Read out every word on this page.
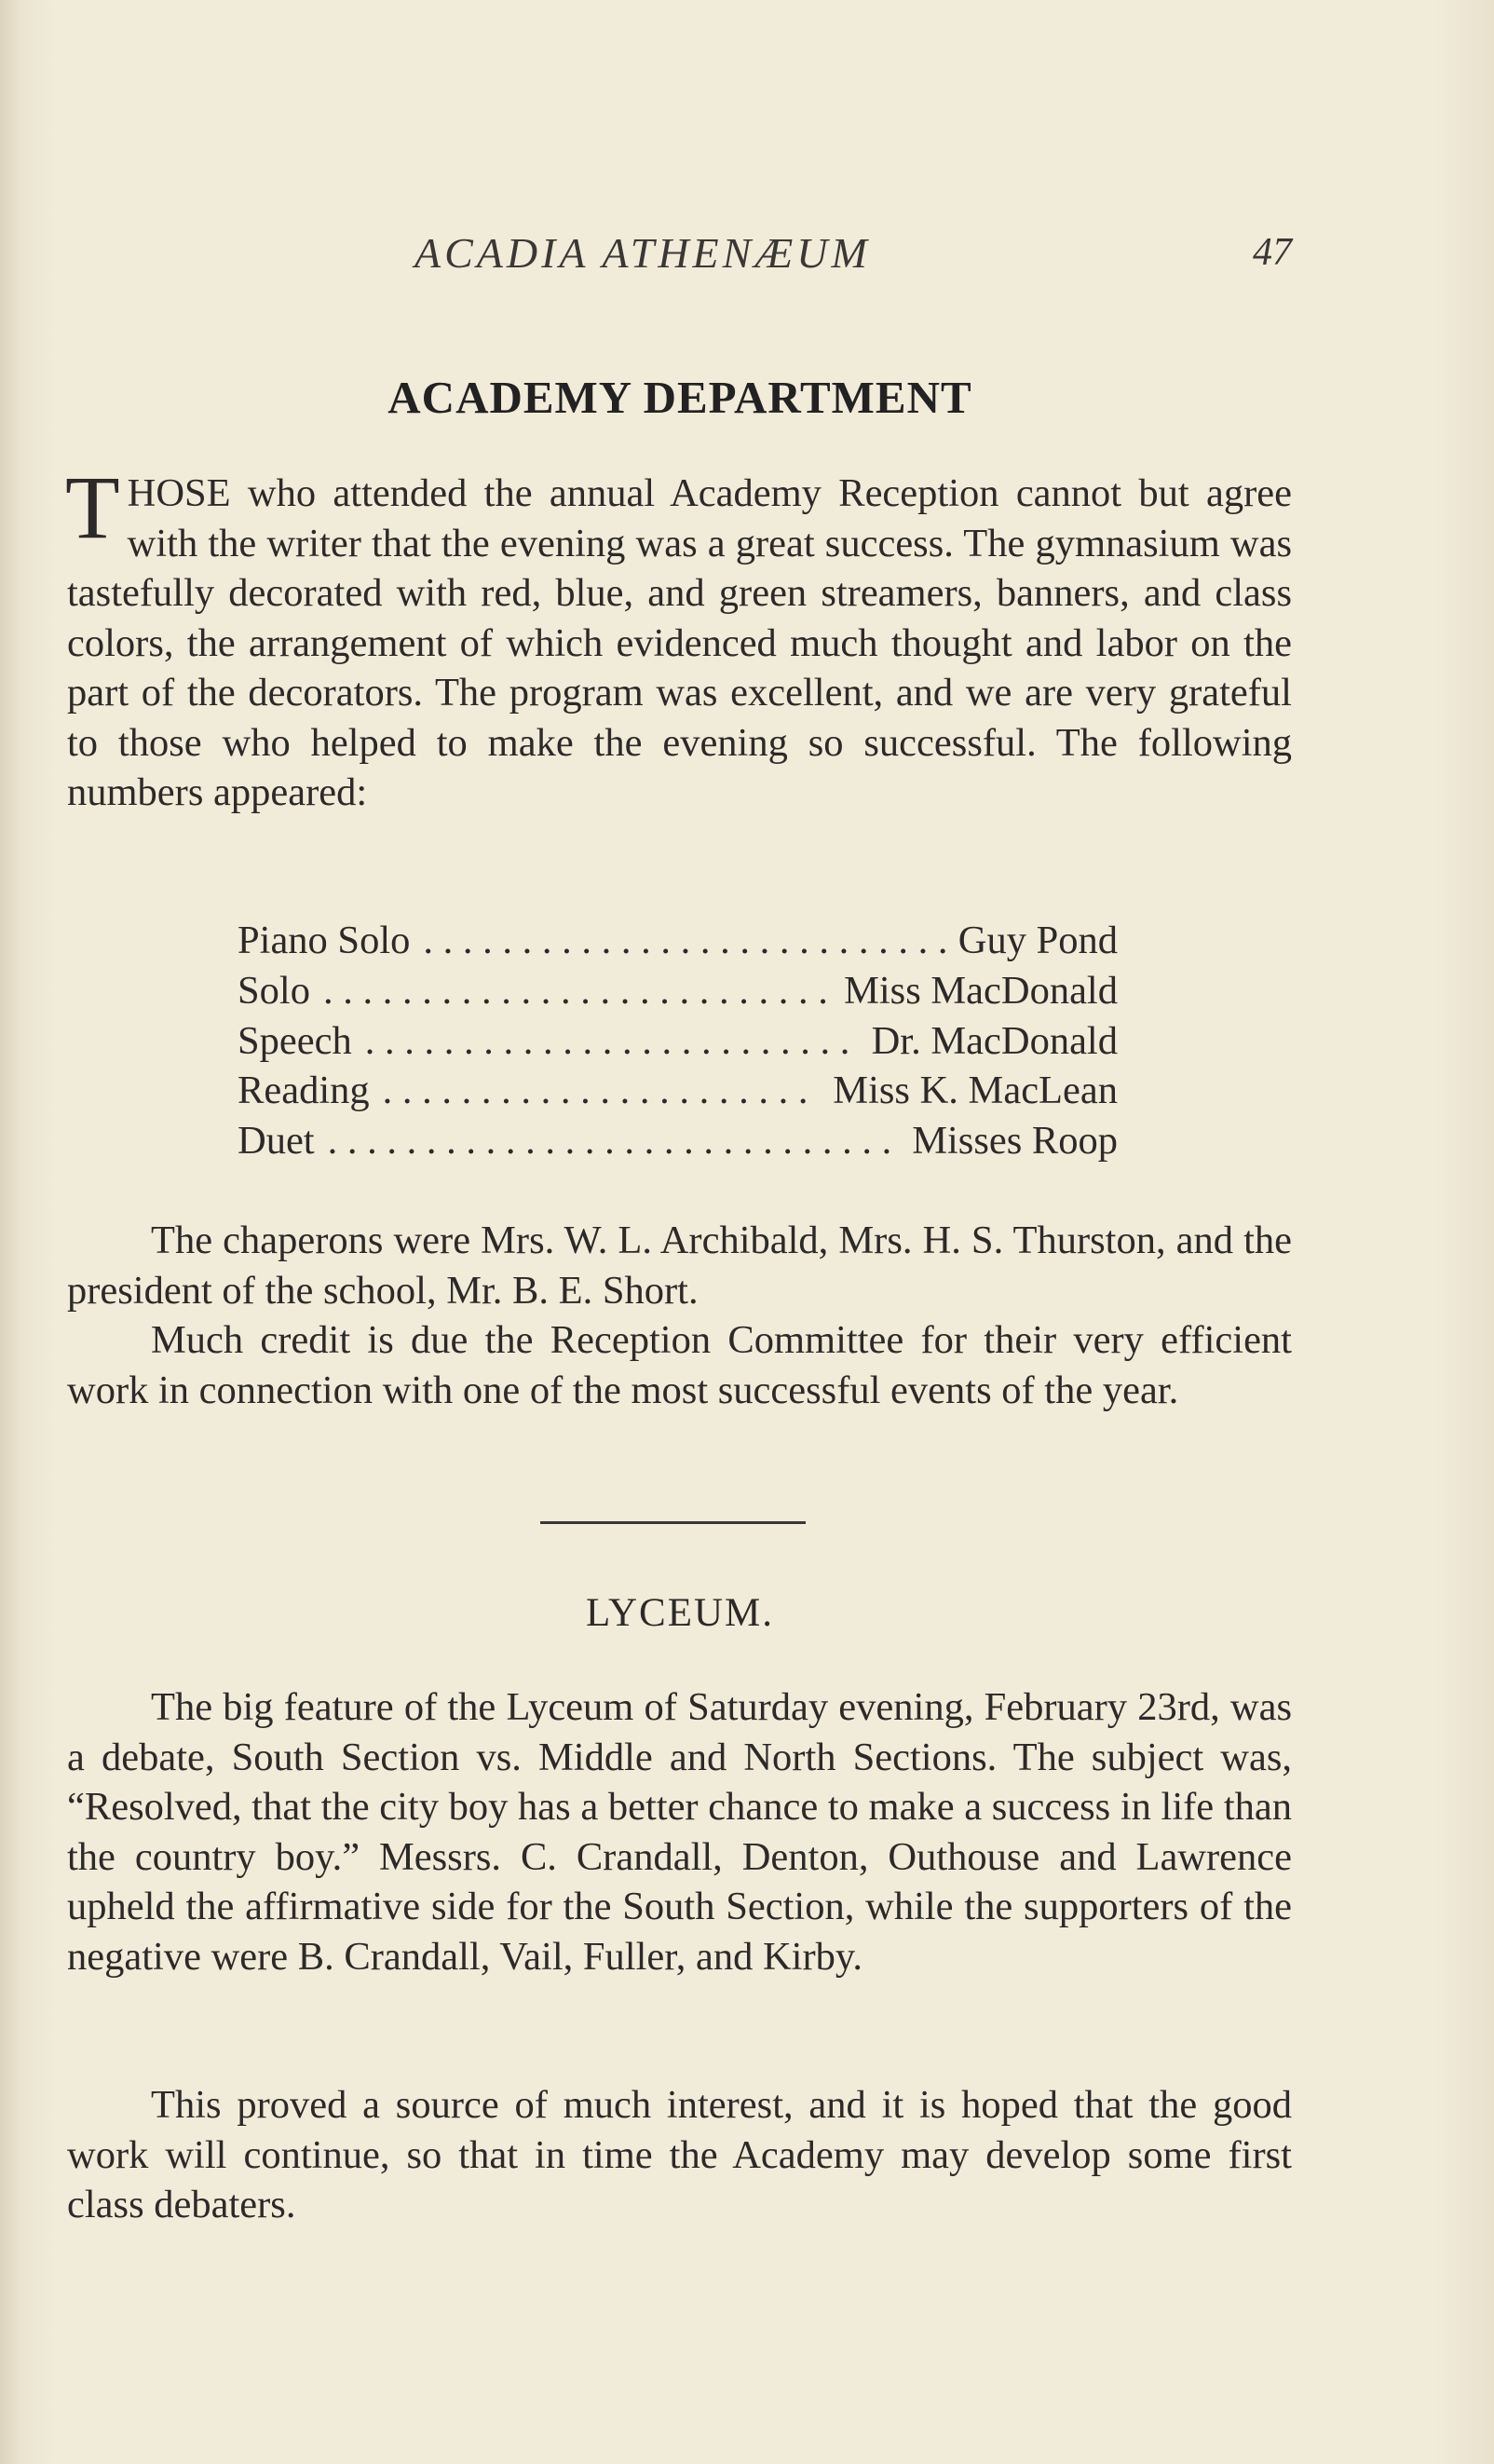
ACADIA ATHENÆUM	47
ACADEMY DEPARTMENT
T HOSE who attended the annual Academy Reception cannot but agree with the writer that the evening was a great success. The gymnasium was tastefully decorated with red, blue, and green streamers, banners, and class colors, the arrangement of which evidenced much thought and labor on the part of the decorators. The program was excellent, and we are very grateful to those who helped to make the evening so successful. The following numbers appeared:
Piano Solo . . .	Guy Pond
Solo . . .	Miss MacDonald
Speech . . .	Dr. MacDonald
Reading . . .	Miss K. MacLean
Duet . . .	Misses Roop
The chaperons were Mrs. W. L. Archibald, Mrs. H. S. Thurston, and the president of the school, Mr. B. E. Short.
Much credit is due the Reception Committee for their very efficient work in connection with one of the most successful events of the year.
LYCEUM.
The big feature of the Lyceum of Saturday evening, February 23rd, was a debate, South Section vs. Middle and North Sections. The subject was, “Resolved, that the city boy has a better chance to make a success in life than the country boy.” Messrs. C. Crandall, Denton, Outhouse and Lawrence upheld the affirmative side for the South Section, while the supporters of the negative were B. Crandall, Vail, Fuller, and Kirby.
This proved a source of much interest, and it is hoped that the good work will continue, so that in time the Academy may develop some first class debaters.
